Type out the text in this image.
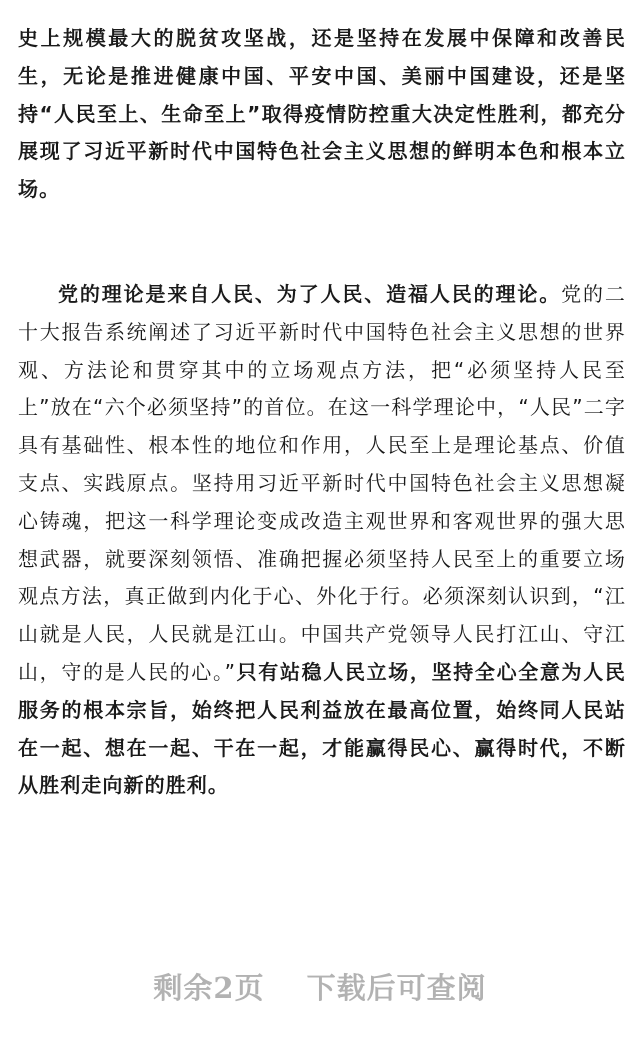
史上规模最大的脱贫攻坚战，还是坚持在发展中保障和改善民生，无论是推进健康中国、平安中国、美丽中国建设，还是坚持“人民至上、生命至上”取得疫情防控重大决定性胜利，都充分展现了习近平新时代中国特色社会主义思想的鲜明本色和根本立场。

党的理论是来自人民、为了人民、造福人民的理论。党的二十大报告系统阐述了习近平新时代中国特色社会主义思想的世界观、方法论和贯穿其中的立场观点方法，把“必须坚持人民至上”放在“六个必须坚持”的首位。在这一科学理论中，“人民”二字具有基础性、根本性的地位和作用，人民至上是理论基点、价值支点、实践原点。坚持用习近平新时代中国特色社会主义思想凝心铸魂，把这一科学理论变成改造主观世界和客观世界的强大思想武器，就要深刻领悟、准确把握必须坚持人民至上的重要立场观点方法，真正做到内化于心、外化于行。必须深刻认识到，“江山就是人民，人民就是江山。中国共产党领导人民打江山、守江山，守的是人民的心。”只有站稳人民立场，坚持全心全意为人民服务的根本宗旨，始终把人民利益放在最高位置，始终同人民站在一起、想在一起、干在一起，才能赢得民心、赢得时代，不断从胜利走向新的胜利。

剩余2页 下载后可查阅
